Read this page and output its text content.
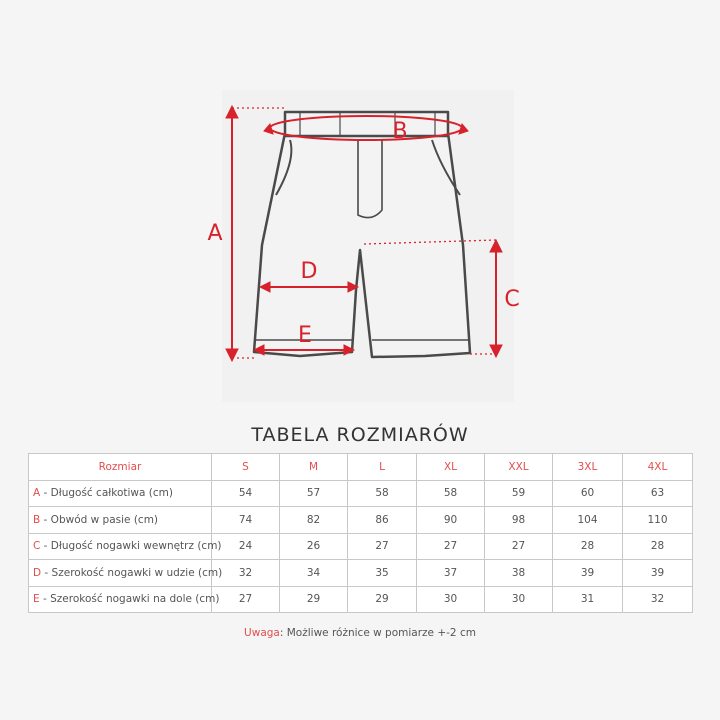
A
B
C
D
E
TABELA ROZMIARÓW
Rozmiar	S	M	L	XL	XXL	3XL	4XL
A - Długość całkotiwa (cm)	54	57	58	58	59	60	63
B - Obwód w pasie (cm)	74	82	86	90	98	104	110
C - Długość nogawki wewnętrz (cm)	24	26	27	27	27	28	28
D - Szerokość nogawki w udzie (cm)	32	34	35	37	38	39	39
E - Szerokość nogawki na dole (cm)	27	29	29	30	30	31	32
Uwaga: Możliwe różnice w pomiarze +-2 cm
